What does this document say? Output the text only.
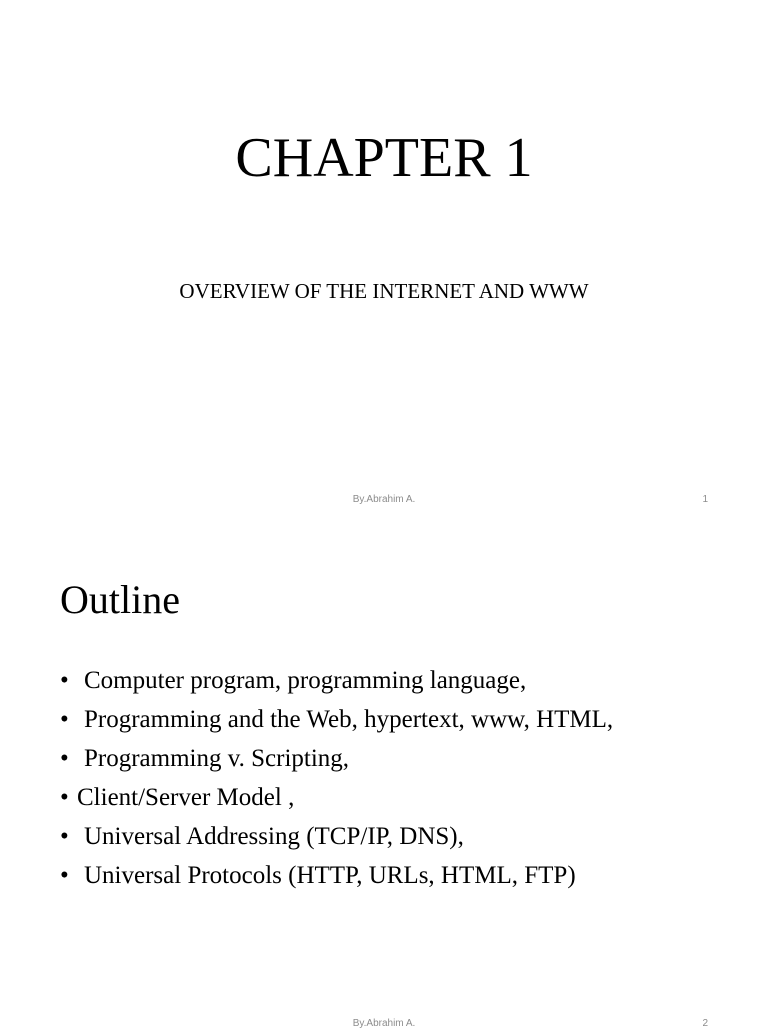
CHAPTER 1

OVERVIEW OF THE INTERNET AND WWW

By.Abrahim A.	1
Outline
• Computer program, programming language,
• Programming and the Web, hypertext, www, HTML,
• Programming v. Scripting,
• Client/Server Model ,
• Universal Addressing (TCP/IP, DNS),
• Universal Protocols (HTTP, URLs, HTML, FTP)
By.Abrahim A.	2
